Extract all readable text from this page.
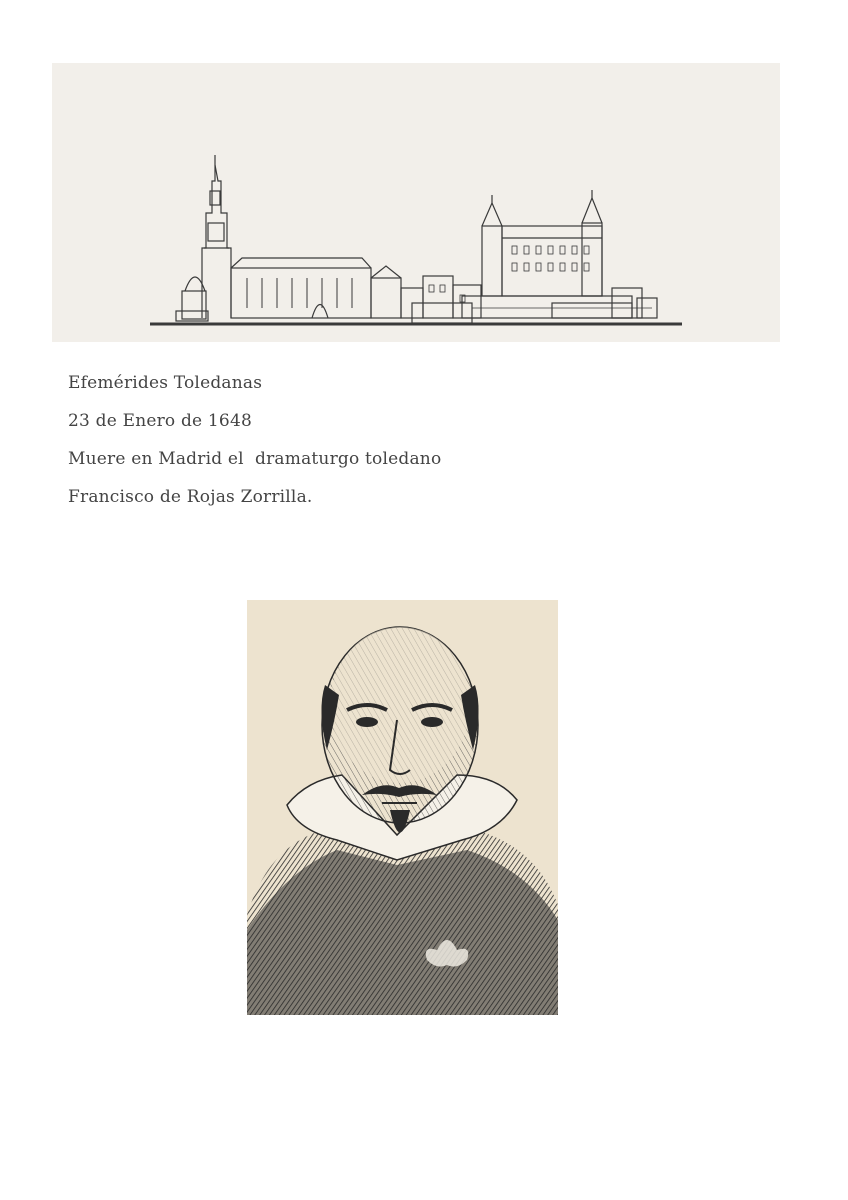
Efemérides Toledanas
23 de Enero de 1648
Muere en Madrid el  dramaturgo toledano
Francisco de Rojas Zorrilla.
